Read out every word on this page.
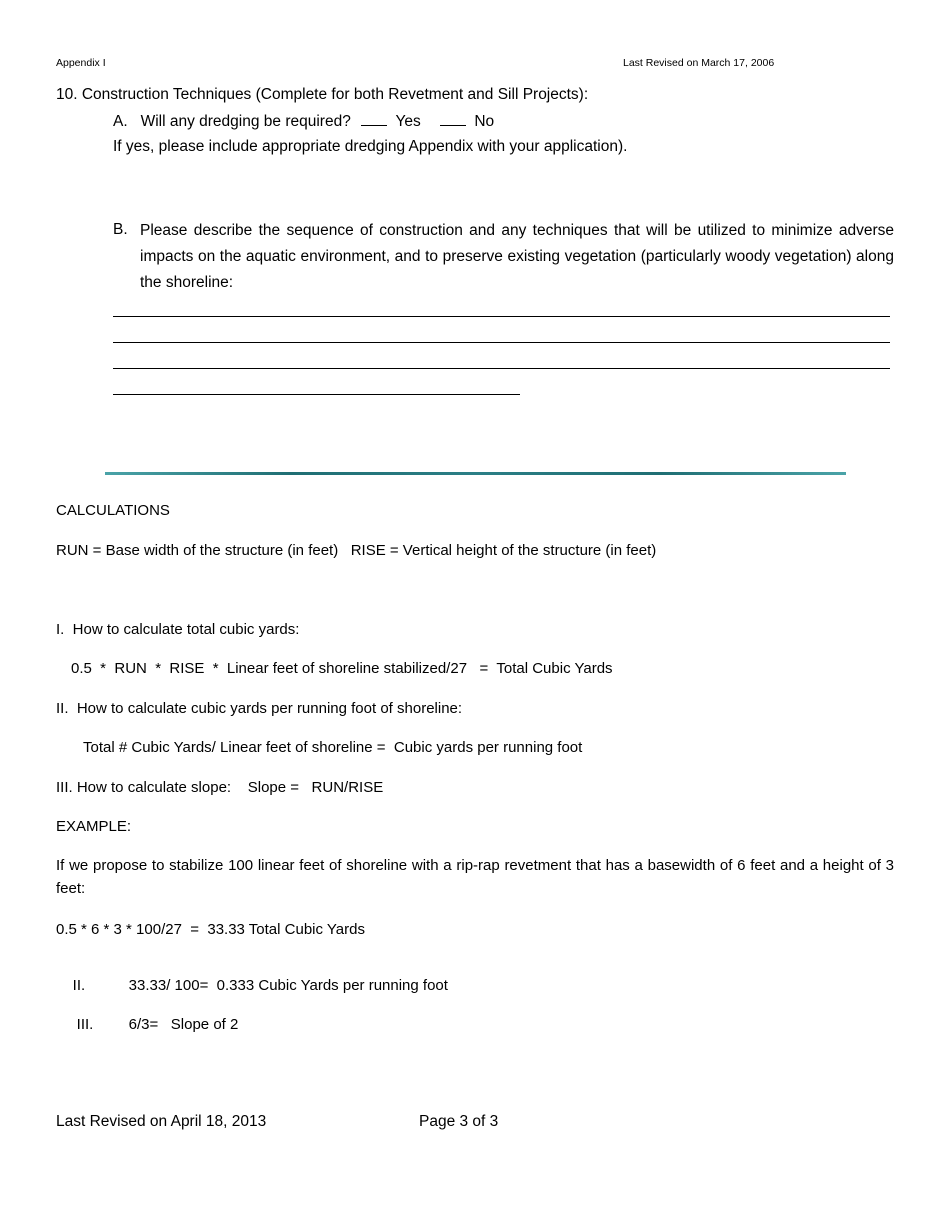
Appendix I	Last Revised on March 17, 2006
10. Construction Techniques (Complete for both Revetment and Sill Projects):
A. Will any dredging be required?	Yes	No
If yes, please include appropriate dredging Appendix with your application).
B. Please describe the sequence of construction and any techniques that will be utilized to minimize adverse impacts on the aquatic environment, and to preserve existing vegetation (particularly woody vegetation) along the shoreline:
CALCULATIONS
RUN = Base width of the structure (in feet)   RISE = Vertical height of the structure (in feet)
I.  How to calculate total cubic yards:
0.5  *  RUN  *  RISE  *  Linear feet of shoreline stabilized/27   =  Total Cubic Yards
II.  How to calculate cubic yards per running foot of shoreline:
Total # Cubic Yards/ Linear feet of shoreline =  Cubic yards per running foot
III. How to calculate slope:    Slope =   RUN/RISE
EXAMPLE:
If we propose to stabilize 100 linear feet of shoreline with a rip-rap revetment that has a basewidth of 6 feet and a height of 3 feet:
0.5 * 6 * 3 * 100/27  =  33.33 Total Cubic Yards

II.	33.33/ 100=  0.333 Cubic Yards per running foot

III. 6/3=   Slope of 2

Last Revised on April 18, 2013	Page 3 of 3
